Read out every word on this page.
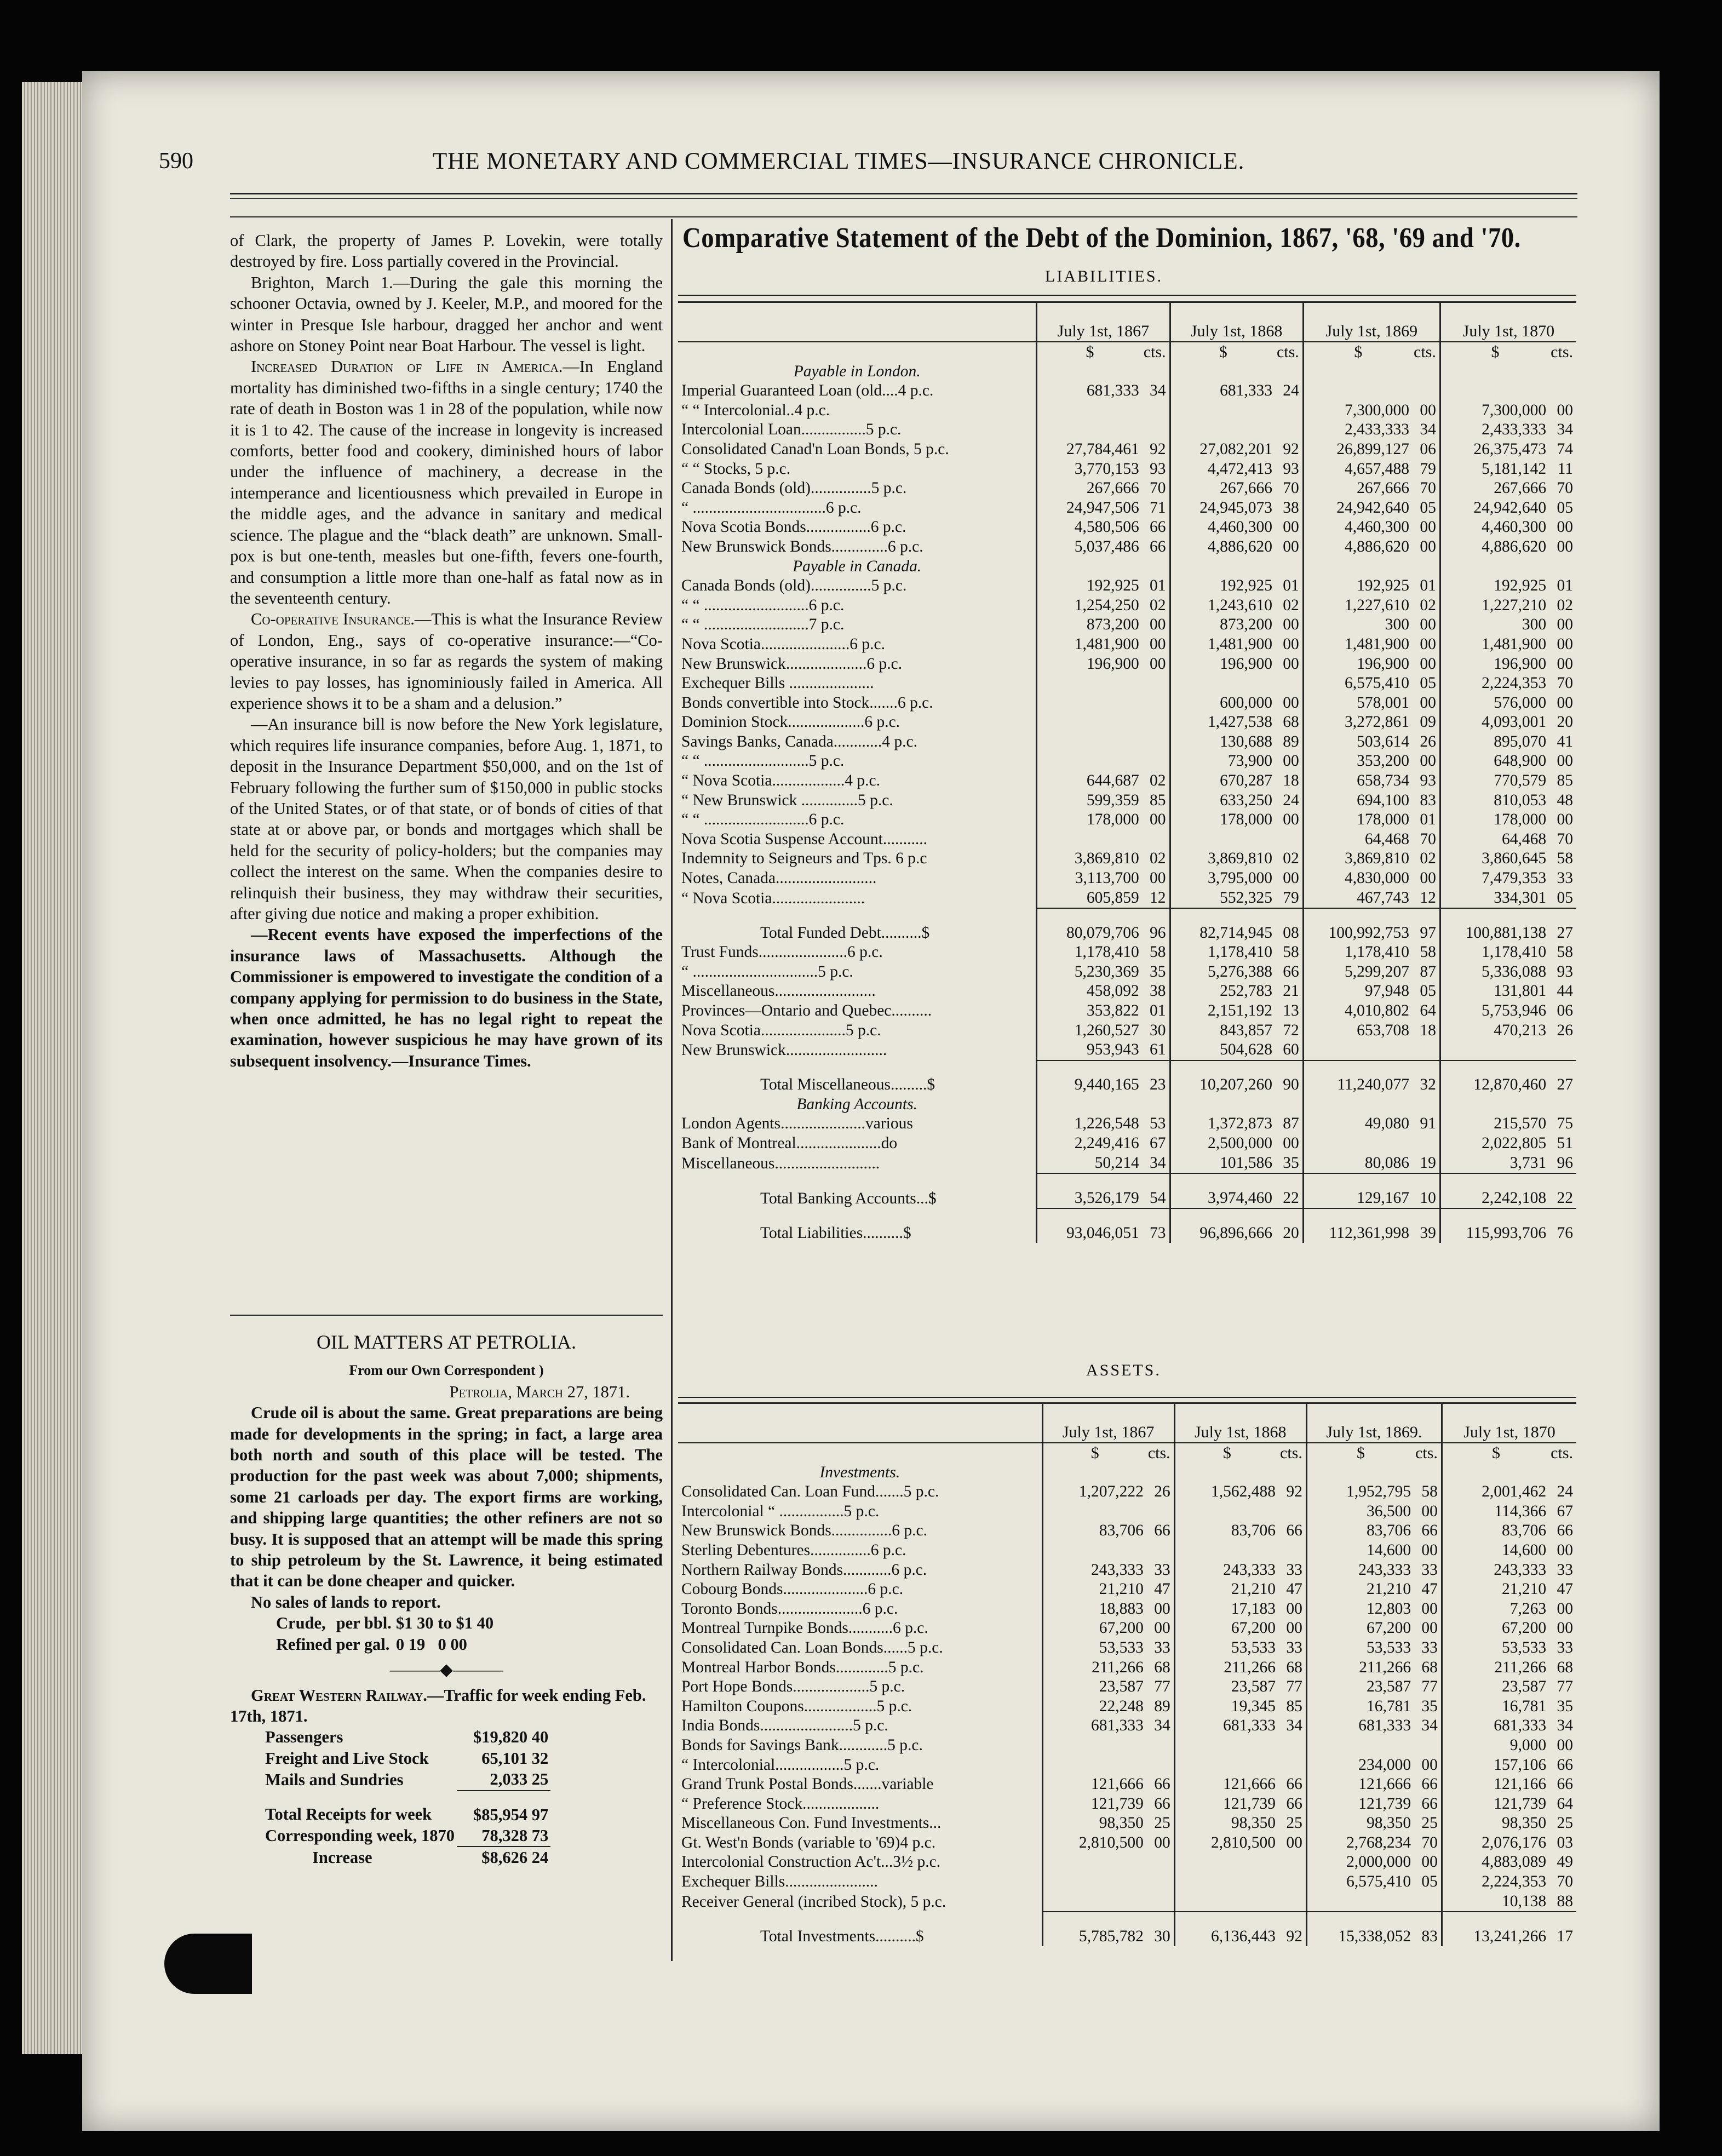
590	THE MONETARY AND COMMERCIAL TIMES—INSURANCE CHRONICLE.

of Clark, the property of James P. Lovekin, were totally destroyed by fire. Loss partially covered in the Provincial.

Brighton, March 1.—During the gale this morning the schooner Octavia, owned by J. Keeler, M.P., and moored for the winter in Presque Isle harbour, dragged her anchor and went ashore on Stoney Point near Boat Harbour. The vessel is light.

Increased Duration of Life in America.—In England mortality has diminished two-fifths in a single century; 1740 the rate of death in Boston was 1 in 28 of the population, while now it is 1 to 42. The cause of the increase in longevity is increased comforts, better food and cookery, diminished hours of labor under the influence of machinery, a decrease in the intemperance and licentiousness which prevailed in Europe in the middle ages, and the advance in sanitary and medical science. The plague and the “black death” are unknown. Small-pox is but one-tenth, measles but one-fifth, fevers one-fourth, and consumption a little more than one-half as fatal now as in the seventeenth century.

Co-operative Insurance.—This is what the Insurance Review of London, Eng., says of co-operative insurance:—“Co-operative insurance, in so far as regards the system of making levies to pay losses, has ignominiously failed in America. All experience shows it to be a sham and a delusion.”

—An insurance bill is now before the New York legislature, which requires life insurance companies, before Aug. 1, 1871, to deposit in the Insurance Department $50,000, and on the 1st of February following the further sum of $150,000 in public stocks of the United States, or of that state, or of bonds of cities of that state at or above par, or bonds and mortgages which shall be held for the security of policy-holders; but the companies may collect the interest on the same. When the companies desire to relinquish their business, they may withdraw their securities, after giving due notice and making a proper exhibition.

—Recent events have exposed the imperfections of the insurance laws of Massachusetts. Although the Commissioner is empowered to investigate the condition of a company applying for permission to do business in the State, when once admitted, he has no legal right to repeat the examination, however suspicious he may have grown of its subsequent insolvency.—Insurance Times.

OIL MATTERS AT PETROLIA.
From our Own Correspondent )
Petrolia, March 27, 1871.

Crude oil is about the same. Great preparations are being made for developments in the spring; in fact, a large area both north and south of this place will be tested. The production for the past week was about 7,000; shipments, some 21 carloads per day. The export firms are working, and shipping large quantities; the other refiners are not so busy. It is supposed that an attempt will be made this spring to ship petroleum by the St. Lawrence, it being estimated that it can be done cheaper and quicker.

No sales of lands to report.

Crude,	per bbl.	$1 30	to $1 40
Refined	per gal.	0 19	0 00
———◆———

Great Western Railway.—Traffic for week ending Feb. 17th, 1871.

Passengers	$19,820 40
Freight and Live Stock	65,101 32
Mails and Sundries	2,033 25
Total Receipts for week	$85,954 97
Corresponding week, 1870	78,328 73
Increase	$8,626 24
Comparative Statement of the Debt of the Dominion, 1867, '68, '69 and '70.
LIABILITIES.
	July 1st, 1867		July 1st, 1868		July 1st, 1869		July 1st, 1870	
	$	cts.	$	cts.	$	cts.	$	cts.
Payable in London.								
Imperial Guaranteed Loan (old....4 p.c.	681,333	34	681,333	24				
“ “ Intercolonial..4 p.c.					7,300,000	00	7,300,000	00
Intercolonial Loan................5 p.c.					2,433,333	34	2,433,333	34
Consolidated Canad'n Loan Bonds, 5 p.c.	27,784,461	92	27,082,201	92	26,899,127	06	26,375,473	74
“ “ Stocks, 5 p.c.	3,770,153	93	4,472,413	93	4,657,488	79	5,181,142	11
Canada Bonds (old)...............5 p.c.	267,666	70	267,666	70	267,666	70	267,666	70
“ .................................6 p.c.	24,947,506	71	24,945,073	38	24,942,640	05	24,942,640	05
Nova Scotia Bonds................6 p.c.	4,580,506	66	4,460,300	00	4,460,300	00	4,460,300	00
New Brunswick Bonds..............6 p.c.	5,037,486	66	4,886,620	00	4,886,620	00	4,886,620	00
Payable in Canada.								
Canada Bonds (old)...............5 p.c.	192,925	01	192,925	01	192,925	01	192,925	01
“ “ ..........................6 p.c.	1,254,250	02	1,243,610	02	1,227,610	02	1,227,210	02
“ “ ..........................7 p.c.	873,200	00	873,200	00	300	00	300	00
Nova Scotia......................6 p.c.	1,481,900	00	1,481,900	00	1,481,900	00	1,481,900	00
New Brunswick....................6 p.c.	196,900	00	196,900	00	196,900	00	196,900	00
Exchequer Bills .....................					6,575,410	05	2,224,353	70
Bonds convertible into Stock.......6 p.c.			600,000	00	578,001	00	576,000	00
Dominion Stock...................6 p.c.			1,427,538	68	3,272,861	09	4,093,001	20
Savings Banks, Canada............4 p.c.			130,688	89	503,614	26	895,070	41
“ “ ..........................5 p.c.			73,900	00	353,200	00	648,900	00
“ Nova Scotia..................4 p.c.	644,687	02	670,287	18	658,734	93	770,579	85
“ New Brunswick ..............5 p.c.	599,359	85	633,250	24	694,100	83	810,053	48
“ “ ..........................6 p.c.	178,000	00	178,000	00	178,000	01	178,000	00
Nova Scotia Suspense Account...........					64,468	70	64,468	70
Indemnity to Seigneurs and Tps. 6 p.c	3,869,810	02	3,869,810	02	3,869,810	02	3,860,645	58
Notes, Canada.........................	3,113,700	00	3,795,000	00	4,830,000	00	7,479,353	33
“ Nova Scotia.......................	605,859	12	552,325	79	467,743	12	334,301	05
Total Funded Debt..........$	80,079,706	96	82,714,945	08	100,992,753	97	100,881,138	27
Trust Funds......................6 p.c.	1,178,410	58	1,178,410	58	1,178,410	58	1,178,410	58
“ ...............................5 p.c.	5,230,369	35	5,276,388	66	5,299,207	87	5,336,088	93
Miscellaneous.........................	458,092	38	252,783	21	97,948	05	131,801	44
Provinces—Ontario and Quebec..........	353,822	01	2,151,192	13	4,010,802	64	5,753,946	06
Nova Scotia.....................5 p.c.	1,260,527	30	843,857	72	653,708	18	470,213	26
New Brunswick.........................	953,943	61	504,628	60				
Total Miscellaneous.........$	9,440,165	23	10,207,260	90	11,240,077	32	12,870,460	27
Banking Accounts.								
London Agents.....................various	1,226,548	53	1,372,873	87	49,080	91	215,570	75
Bank of Montreal.....................do	2,249,416	67	2,500,000	00			2,022,805	51
Miscellaneous..........................	50,214	34	101,586	35	80,086	19	3,731	96
Total Banking Accounts...$	3,526,179	54	3,974,460	22	129,167	10	2,242,108	22
Total Liabilities..........$	93,046,051	73	96,896,666	20	112,361,998	39	115,993,706	76
ASSETS.
	July 1st, 1867		July 1st, 1868		July 1st, 1869.		July 1st, 1870	
	$	cts.	$	cts.	$	cts.	$	cts.
Investments.								
Consolidated Can. Loan Fund.......5 p.c.	1,207,222	26	1,562,488	92	1,952,795	58	2,001,462	24
Intercolonial “ ................5 p.c.					36,500	00	114,366	67
New Brunswick Bonds...............6 p.c.	83,706	66	83,706	66	83,706	66	83,706	66
Sterling Debentures...............6 p.c.					14,600	00	14,600	00
Northern Railway Bonds............6 p.c.	243,333	33	243,333	33	243,333	33	243,333	33
Cobourg Bonds.....................6 p.c.	21,210	47	21,210	47	21,210	47	21,210	47
Toronto Bonds.....................6 p.c.	18,883	00	17,183	00	12,803	00	7,263	00
Montreal Turnpike Bonds...........6 p.c.	67,200	00	67,200	00	67,200	00	67,200	00
Consolidated Can. Loan Bonds......5 p.c.	53,533	33	53,533	33	53,533	33	53,533	33
Montreal Harbor Bonds.............5 p.c.	211,266	68	211,266	68	211,266	68	211,266	68
Port Hope Bonds...................5 p.c.	23,587	77	23,587	77	23,587	77	23,587	77
Hamilton Coupons..................5 p.c.	22,248	89	19,345	85	16,781	35	16,781	35
India Bonds.......................5 p.c.	681,333	34	681,333	34	681,333	34	681,333	34
Bonds for Savings Bank............5 p.c.							9,000	00
“ Intercolonial.................5 p.c.					234,000	00	157,106	66
Grand Trunk Postal Bonds.......variable	121,666	66	121,666	66	121,666	66	121,166	66
“ Preference Stock...................	121,739	66	121,739	66	121,739	66	121,739	64
Miscellaneous Con. Fund Investments...	98,350	25	98,350	25	98,350	25	98,350	25
Gt. West'n Bonds (variable to '69)4 p.c.	2,810,500	00	2,810,500	00	2,768,234	70	2,076,176	03
Intercolonial Construction Ac't...3½ p.c.					2,000,000	00	4,883,089	49
Exchequer Bills.......................					6,575,410	05	2,224,353	70
Receiver General (incribed Stock), 5 p.c.							10,138	88
Total Investments..........$	5,785,782	30	6,136,443	92	15,338,052	83	13,241,266	17
